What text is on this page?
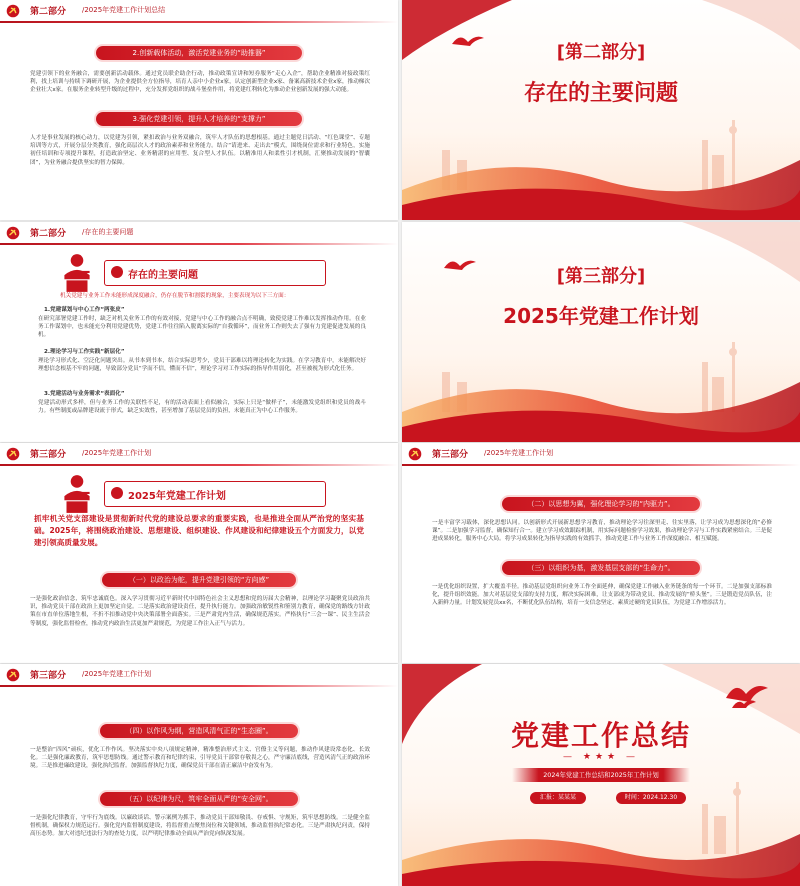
第二部分 /2025年党建工作计划总结
2.创新载体活动，激活党建业务的“助推器”
党建引领下的业务融合，需要创新活动载体。通过党员联企助企行动，推动政策宣讲和短券服务“走心入企”，帮助企业精准对接政策红利，找上培训与持续下调研开展，为企业提供全方位指导，培育人亲中小企业x家，认定创新型企业x家、备案高新技术企业x家，推动梯次企业壮大x家。在服务企业转型升级的过程中，充分发挥党组织的战斗堡垒作用，将党建红利转化为推动企业创新发展的强大动能。
3.强化党建引领，提升人才培养的“支撑力”
人才是事业发展的核心动力，以党建为引领，紧扣政治与业务双融合，筑牢人才队伍的思想根基。通过主题党日活动、“红色课堂”、专题培训等方式，开展分层分类教育，强化高层次人才的政治素养和业务能力。结合“请进来、走出去”模式，围绕岗位需求和行业特色，实施初任培训和专项提升课程，打造政治坚定、业务精湛的应用型、复合型人才队伍。以精准用人和柔性引才机制，汇聚推动发展的“智囊团”，为业务融合提供坚实的智力保障。
[第二部分]
存在的主要问题
第二部分 /存在的主要问题
存在的主要问题
机关党建与业务工作未能形成深度融合，仍存在脱节和割裂的现象，主要表现为以下三方面：
1.党建谋划与中心工作“两张皮”
在研究部署党建工作时，缺乏对机关业务工作的有效对接，党建与中心工作的融合点不明确，致使党建工作难以发挥推动作用。在业务工作谋划中，也未能充分利用党建优势，党建工作往往陷入脱离实际的“自我循环”，而业务工作则失去了强有力党建促进发展的良机。
2.理论学习与工作实践“新层化”
理论学习形式化、空泛化问题突出。从书本到书本，结合实际思考少，党员干部难以将理论转化为实践。在学习教育中，未能解决好理想信念根基不牢的问题，导致部分党员“学而不信，懂而不信”，理论学习对工作实际的指导作用弱化，甚至被视为形式化任务。
3.党建活动与业务需求“表面化”
党建活动形式多样，但与业务工作的关联性不足，有的活动表面上看似融合，实际上只是“做样子”，未能激发党组织和党员的战斗力。有些制度或品牌建设流于形式，缺乏实效性，甚至增加了基层党员的负担，未能真正为中心工作服务。
[第三部分]
2025年党建工作计划
第三部分 /2025年党建工作计划
2025年党建工作计划
抓牢机关党支部建设是贯彻新时代党的建设总要求的重要实践，也是推进全面从严治党的坚实基础。2025年，将围绕政治建设、思想建设、组织建设、作风建设和纪律建设五个方面发力，以党建引领高质量发展。
（一）以政治为舵，提升党建引领的“方向感”
一是强化政治信念，筑牢忠诚底色。深入学习贯彻习近平新时代中国特色社会主义思想和党的历届大会精神，以理论学习凝聚党员政治共识，推动党员干部在政治上更加坚定自觉。二是落实政治建设责任，提升执行能力。加强政治敏锐性和鉴别力教育，确保党的路线方针政策在市直单位落地生根，不折不扣推动党中央决策部署全面落实。三是严肃党内生活，确保规范落实。严格执行“三会一课”、民主生活会等制度，强化监督检查，推动党内政治生活更加严肃规范，为党建工作注入正气与活力。
第三部分 /2025年党建工作计划
（二）以思想为翼，强化理论学习的“内驱力”。
一是丰富学习载体，深化思想认同。以创新形式开展新思想学习教育，推动理论学习往深里走、往实里落，让学习成为思想深化的“必修课”。二是加强学习监督，确保知行合一。建立学习成效跟踪机制，用实际问题检验学习效果，推动理论学习与工作实践紧密结合。三是促进成果转化，服务中心大局。将学习成果转化为指导实践的有效抓手，推动党建工作与业务工作深度融合、相互赋能。
（三）以组织为基，激发基层支部的“生命力”。
一是优化组织设置，扩大覆盖半径。推动基层党组织向业务工作全面延伸，确保党建工作融入业务链条的每一个环节。二是加强支部标准化，提升组织效能。加大对基层党支部的支持力度，解决实际困难，让支部成为带动党员、推动发展的“桥头堡”。三是锻造党员队伍，注入新鲜力量。计划发展党员xx名，不断优化队伍结构，培育一支信念坚定、素质过硬的党员队伍，为党建工作增添活力。
第三部分 /2025年党建工作计划
（四）以作风为纲，营造风清气正的“生态圈”。
一是整治“四风”顽疾，优化工作作风。坚决落实中央八项规定精神，精准整治形式主义、官僚主义等问题，推动作风建设常态化、长效化。二是强化廉政教育，筑牢思想防线。通过警示教育和纪律约束，引导党员干部常存敬畏之心，严守廉洁底线，营造风清气正的政治环境。三是推进廉政建设，强化执纪监督。加强监督执纪力度，确保党员干部在清正廉洁中奋发有为。
（五）以纪律为尺，筑牢全面从严的“安全网”。
一是强化纪律教育，守牢行为底线。以廉政谈话、警示案例为抓手，推动党员干部知敬畏、存戒惧、守规矩，筑牢思想防线。二是健全监督机制，确保权力规范运行。强化党内监督制度建设，将监督重点聚焦岗位和关键领域，推动监督执纪常态化。三是严肃执纪问责，保持高压态势。加大对违纪违法行为的查处力度，以严明纪律推动全面从严治党向纵深发展。
党建工作总结
— ★★★ —
2024年党建工作总结和2025年工作计划
汇报：某某某	时间：2024.12.30
